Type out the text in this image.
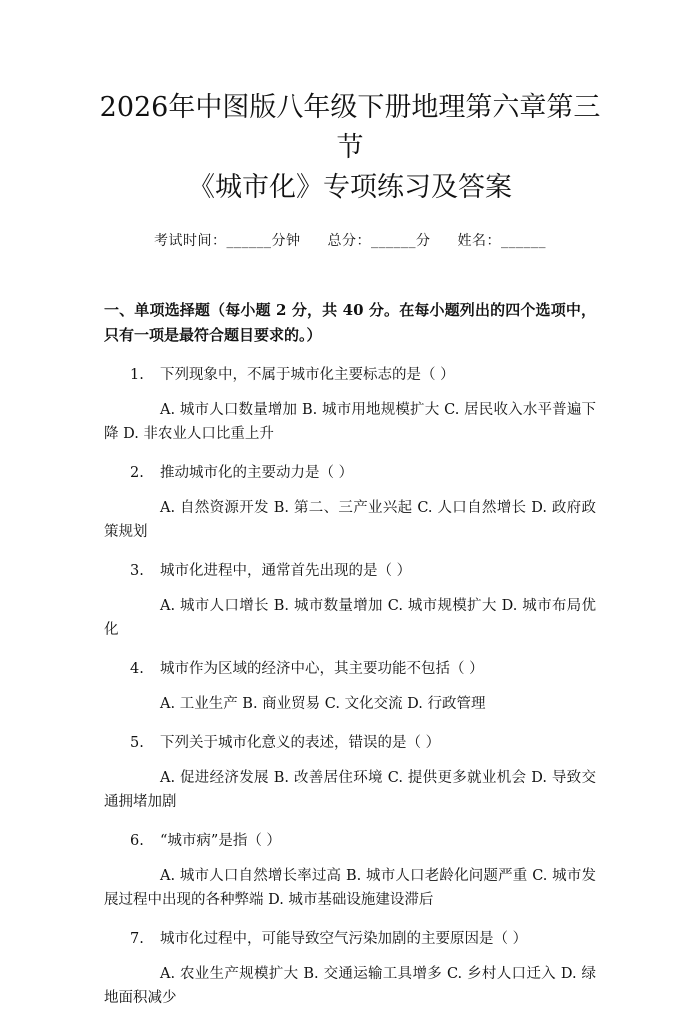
2026年中图版八年级下册地理第六章第三节
《城市化》专项练习及答案
考试时间：______分钟 总分：______分 姓名：______
一、单项选择题（每小题 2 分，共 40 分。在每小题列出的四个选项中，只有一项是最符合题目要求的。）
1. 下列现象中，不属于城市化主要标志的是（ ）
A. 城市人口数量增加 B. 城市用地规模扩大 C. 居民收入水平普遍下降 D. 非农业人口比重上升
2. 推动城市化的主要动力是（ ）
A. 自然资源开发 B. 第二、三产业兴起 C. 人口自然增长 D. 政府政策规划
3. 城市化进程中，通常首先出现的是（ ）
A. 城市人口增长 B. 城市数量增加 C. 城市规模扩大 D. 城市布局优化
4. 城市作为区域的经济中心，其主要功能不包括（ ）
A. 工业生产 B. 商业贸易 C. 文化交流 D. 行政管理
5. 下列关于城市化意义的表述，错误的是（ ）
A. 促进经济发展 B. 改善居住环境 C. 提供更多就业机会 D. 导致交通拥堵加剧
6. “城市病”是指（ ）
A. 城市人口自然增长率过高 B. 城市人口老龄化问题严重 C. 城市发展过程中出现的各种弊端 D. 城市基础设施建设滞后
7. 城市化过程中，可能导致空气污染加剧的主要原因是（ ）
A. 农业生产规模扩大 B. 交通运输工具增多 C. 乡村人口迁入 D. 绿地面积减少
